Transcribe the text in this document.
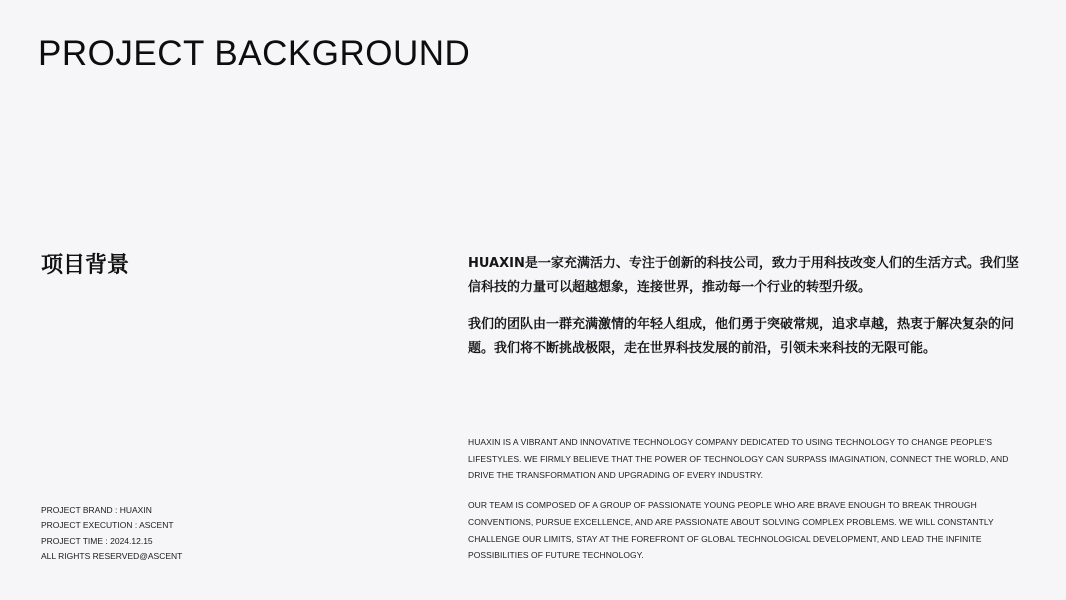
PROJECT BACKGROUND
项目背景	HUAXIN是一家充满活力、专注于创新的科技公司，致力于用科技改变人们的生活方式。我们坚信科技的力量可以超越想象，连接世界，推动每一个行业的转型升级。

我们的团队由一群充满激情的年轻人组成，他们勇于突破常规，追求卓越，热衷于解决复杂的问题。我们将不断挑战极限，走在世界科技发展的前沿，引领未来科技的无限可能。

HUAXIN IS A VIBRANT AND INNOVATIVE TECHNOLOGY COMPANY DEDICATED TO USING TECHNOLOGY TO CHANGE PEOPLE'S LIFESTYLES. WE FIRMLY BELIEVE THAT THE POWER OF TECHNOLOGY CAN SURPASS IMAGINATION, CONNECT THE WORLD, AND DRIVE THE TRANSFORMATION AND UPGRADING OF EVERY INDUSTRY.

OUR TEAM IS COMPOSED OF A GROUP OF PASSIONATE YOUNG PEOPLE WHO ARE BRAVE ENOUGH TO BREAK THROUGH CONVENTIONS, PURSUE EXCELLENCE, AND ARE PASSIONATE ABOUT SOLVING COMPLEX PROBLEMS. WE WILL CONSTANTLY CHALLENGE OUR LIMITS, STAY AT THE FOREFRONT OF GLOBAL TECHNOLOGICAL DEVELOPMENT, AND LEAD THE INFINITE POSSIBILITIES OF FUTURE TECHNOLOGY.

PROJECT BRAND : HUAXIN
PROJECT EXECUTION : ASCENT
PROJECT TIME : 2024.12.15
ALL RIGHTS RESERVED@ASCENT
